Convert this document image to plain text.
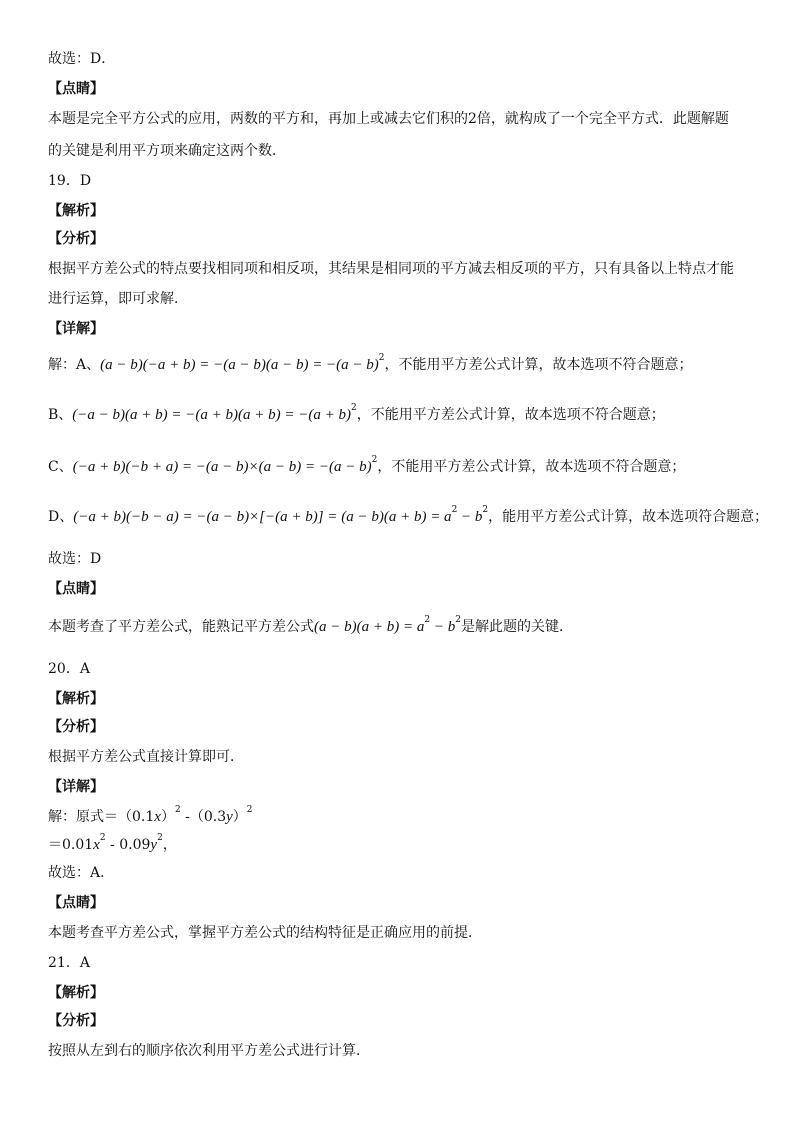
故选：D．
【点睛】
本题是完全平方公式的应用，两数的平方和，再加上或减去它们积的2倍，就构成了一个完全平方式．此题解题
的关键是利用平方项来确定这两个数．
19．D
【解析】
【分析】
根据平方差公式的特点要找相同项和相反项，其结果是相同项的平方减去相反项的平方，只有具备以上特点才能
进行运算，即可求解．
【详解】
解：A、$(a - b)(-a + b) = -(a - b)(a - b) = -(a - b)^2$，不能用平方差公式计算，故本选项不符合题意；
B、$(-a - b)(a + b) = -(a + b)(a + b) = -(a + b)^2$，不能用平方差公式计算，故本选项不符合题意；
C、$(-a + b)(-b + a) = -(a - b)\times(a - b) = -(a - b)^2$，不能用平方差公式计算，故本选项不符合题意；
D、$(-a + b)(-b - a) = -(a - b)\times[-(a + b)] = (a - b)(a + b) = a^2 - b^2$，能用平方差公式计算，故本选项符合题意；
故选：D
【点睛】
本题考查了平方差公式，能熟记平方差公式$(a - b)(a + b) = a^2 - b^2$是解此题的关键．
20．A
【解析】
【分析】
根据平方差公式直接计算即可．
【详解】
解：原式$=(0.1x)^2$ $-(0.3y)^2$
$=0.01x^2 - 0.09y^2$，
故选：A．
【点睛】
本题考查平方差公式，掌握平方差公式的结构特征是正确应用的前提．
21．A
【解析】
【分析】
按照从左到右的顺序依次利用平方差公式进行计算．
